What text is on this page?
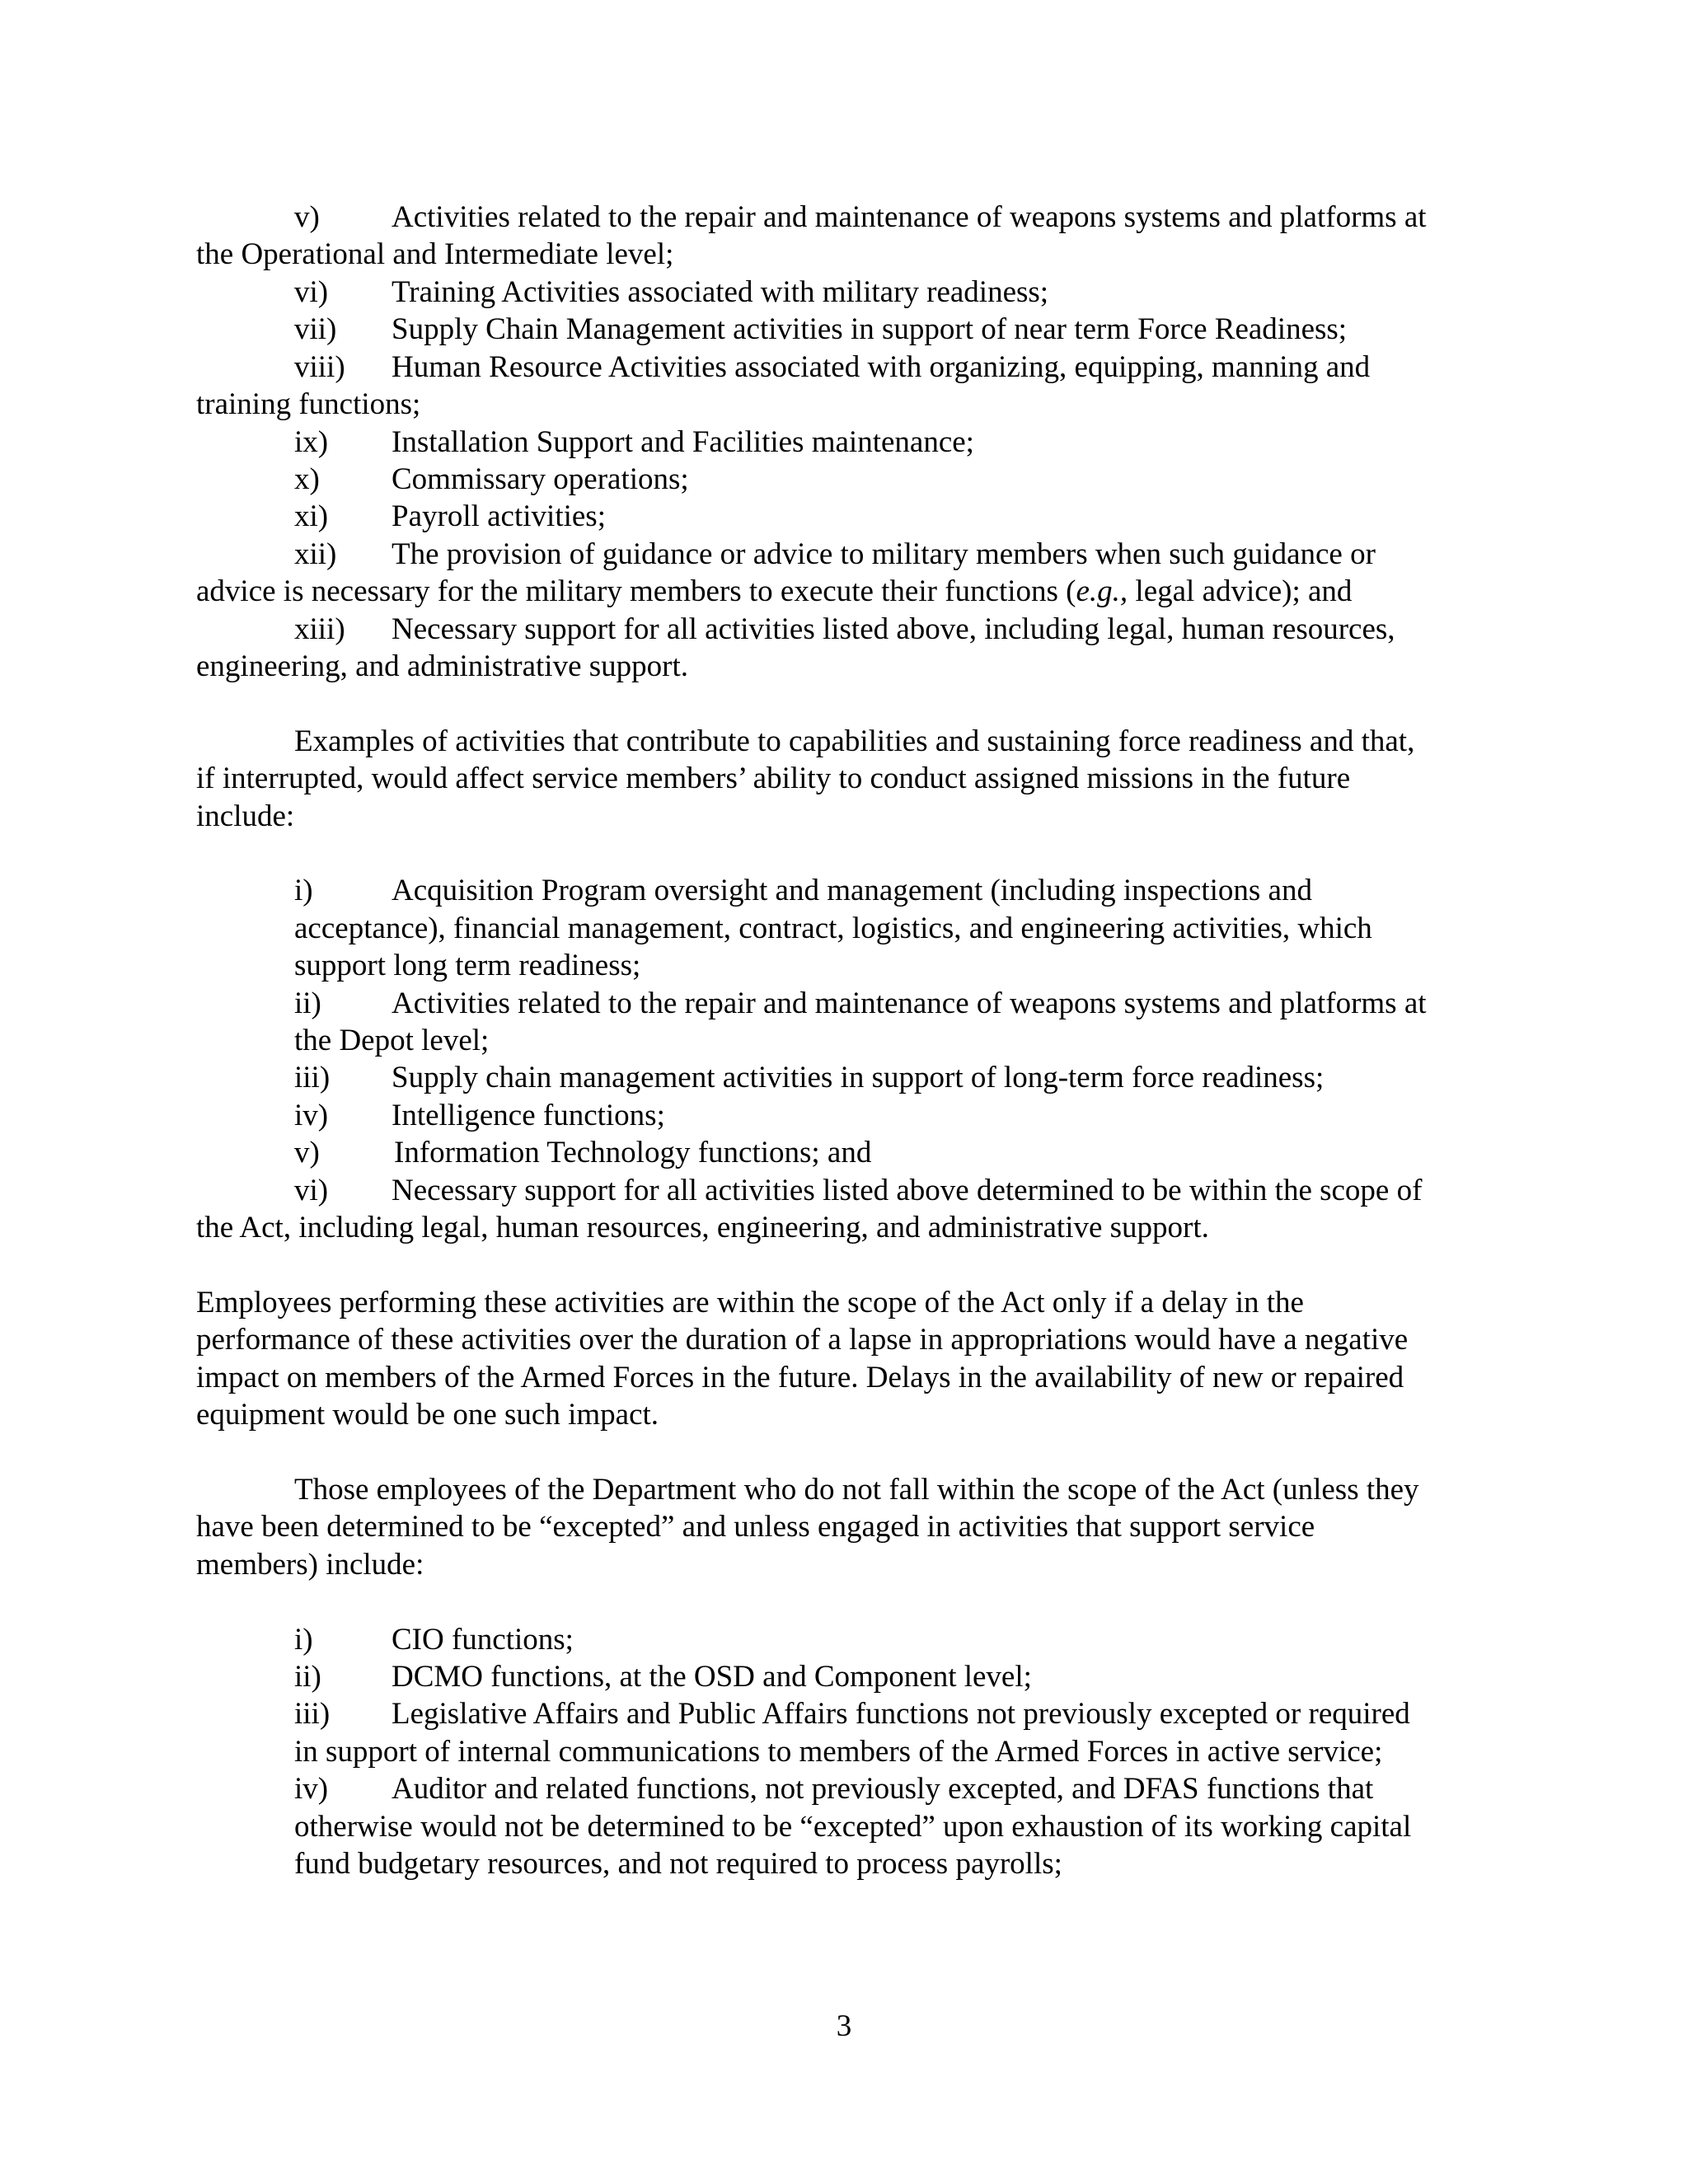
v) Activities related to the repair and maintenance of weapons systems and platforms at
the Operational and Intermediate level;
vi) Training Activities associated with military readiness;
vii) Supply Chain Management activities in support of near term Force Readiness;
viii) Human Resource Activities associated with organizing, equipping, manning and
training functions;
ix) Installation Support and Facilities maintenance;
x) Commissary operations;
xi) Payroll activities;
xii) The provision of guidance or advice to military members when such guidance or
advice is necessary for the military members to execute their functions (e.g., legal advice); and
xiii) Necessary support for all activities listed above, including legal, human resources,
engineering, and administrative support.
Examples of activities that contribute to capabilities and sustaining force readiness and that,
if interrupted, would affect service members’ ability to conduct assigned missions in the future
include:
i)	Acquisition Program oversight and management (including inspections and
acceptance), financial management, contract, logistics, and engineering activities, which
support long term readiness;
ii) Activities related to the repair and maintenance of weapons systems and platforms at
the Depot level;
iii) Supply chain management activities in support of long-term force readiness;
iv) Intelligence functions;
v) Information Technology functions; and
vi) Necessary support for all activities listed above determined to be within the scope of
the Act, including legal, human resources, engineering, and administrative support.
Employees performing these activities are within the scope of the Act only if a delay in the
performance of these activities over the duration of a lapse in appropriations would have a negative
impact on members of the Armed Forces in the future. Delays in the availability of new or repaired
equipment would be one such impact.
Those employees of the Department who do not fall within the scope of the Act (unless they
have been determined to be “excepted” and unless engaged in activities that support service
members) include:
i)	CIO functions;
ii) DCMO functions, at the OSD and Component level;
iii) Legislative Affairs and Public Affairs functions not previously excepted or required
in support of internal communications to members of the Armed Forces in active service;
iv) Auditor and related functions, not previously excepted, and DFAS functions that
otherwise would not be determined to be “excepted” upon exhaustion of its working capital
fund budgetary resources, and not required to process payrolls;
3
